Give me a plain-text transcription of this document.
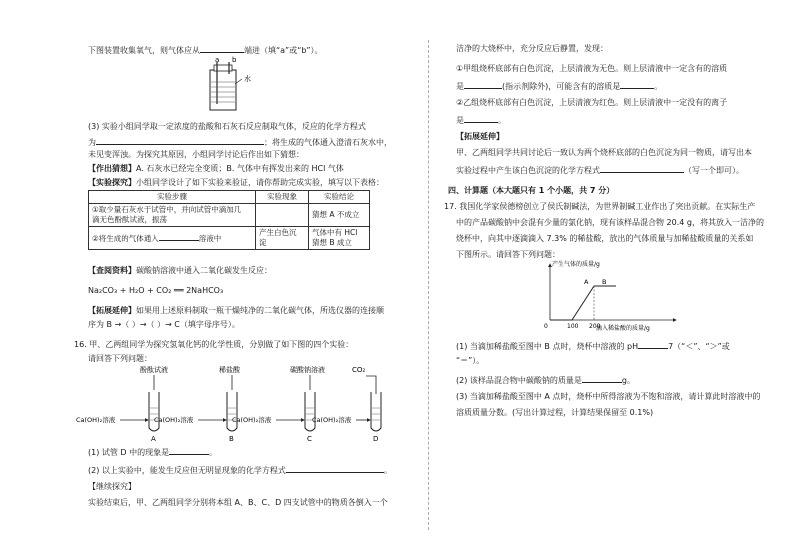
下图装置收集氧气，则气体应从	端进（填“a”或“b”）。
a b
水
(3) 实验小组同学取一定浓度的盐酸和石灰石反应制取气体，反应的化学方程式
为	；将生成的气体通入澄清石灰水中，
未见变浑浊。为探究其原因，小组同学讨论后作出如下猜想：
【作出猜想】A. 石灰水已经完全变质；B. 气体中有挥发出来的 HCl 气体
【实验探究】小组同学设计了如下实验来验证，请你帮助完成实验，填写以下表格：
实验步骤	实验现象	实验结论
①取少量石灰水于试管中，并向试管中滴加几
滴无色酚酞试液，振荡		猜想 A 不成立
②将生成的气体通入 溶液中	产生白色沉
淀	气体中有 HCl
猜想 B 成立
【查阅资料】碳酸钠溶液中通入二氧化碳发生反应：
Na₂CO₃ + H₂O + CO₂ ══ 2NaHCO₃
【拓展延伸】如果用上述原料制取一瓶干燥纯净的二氧化碳气体，所选仪器的连接顺
序为 B →（ ）→（ ）→ C（填字母序号）。
16. 甲、乙两组同学为探究氢氧化钙的化学性质，分别做了如下图的四个实验：
请回答下列问题：
酚酞试液	稀盐酸	碳酸钠溶液	CO₂
Ca(OH)₂溶液	Ca(OH)₂溶液	Ca(OH)₂溶液	Ca(OH)₂溶液
A	B	C	D
(1) 试管 D 中的现象是	。
(2) 以上实验中，能发生反应但无明显现象的化学方程式	。
【继续探究】
实验结束后，甲、乙两组同学分别将本组 A、B、C、D 四支试管中的物质各倒入一个
洁净的大烧杯中，充分反应后静置，发现：
①甲组烧杯底部有白色沉淀，上层清液为无色。则上层清液中一定含有的溶质
是	(指示剂除外)，可能含有的溶质是	。
②乙组烧杯底部有白色沉淀，上层清液为红色。则上层清液中一定没有的离子
是	。
【拓展延伸】
甲、乙两组同学共同讨论后一致认为两个烧杯底部的白色沉淀为同一物质，请写出本
实验过程中产生该白色沉淀的化学方程式	（写一个即可）。
四、计算题（本大题只有 1 个小题，共 7 分）
17. 我国化学家侯德榜创立了侯氏制碱法，为世界制碱工业作出了突出贡献。在实际生产
中的产品碳酸钠中会混有少量的氯化钠，现有该样品混合物 20.4 g，将其放入一洁净的
烧杯中，向其中逐滴滴入 7.3% 的稀盐酸，放出的气体质量与加稀盐酸质量的关系如
下图所示。请回答下列问题：
产生气体的质量/g
滴入稀盐酸的质量/g
0	100 200
A B
(1) 当滴加稀盐酸至图中 B 点时，烧杯中溶液的 pH	7（“＜”、“＞”或
“＝”）。
(2) 该样品混合物中碳酸钠的质量是	g。
(3) 当滴加稀盐酸至图中 A 点时，烧杯中所得溶液为不饱和溶液，请计算此时溶液中的
溶质质量分数。(写出计算过程，计算结果保留至 0.1%)
